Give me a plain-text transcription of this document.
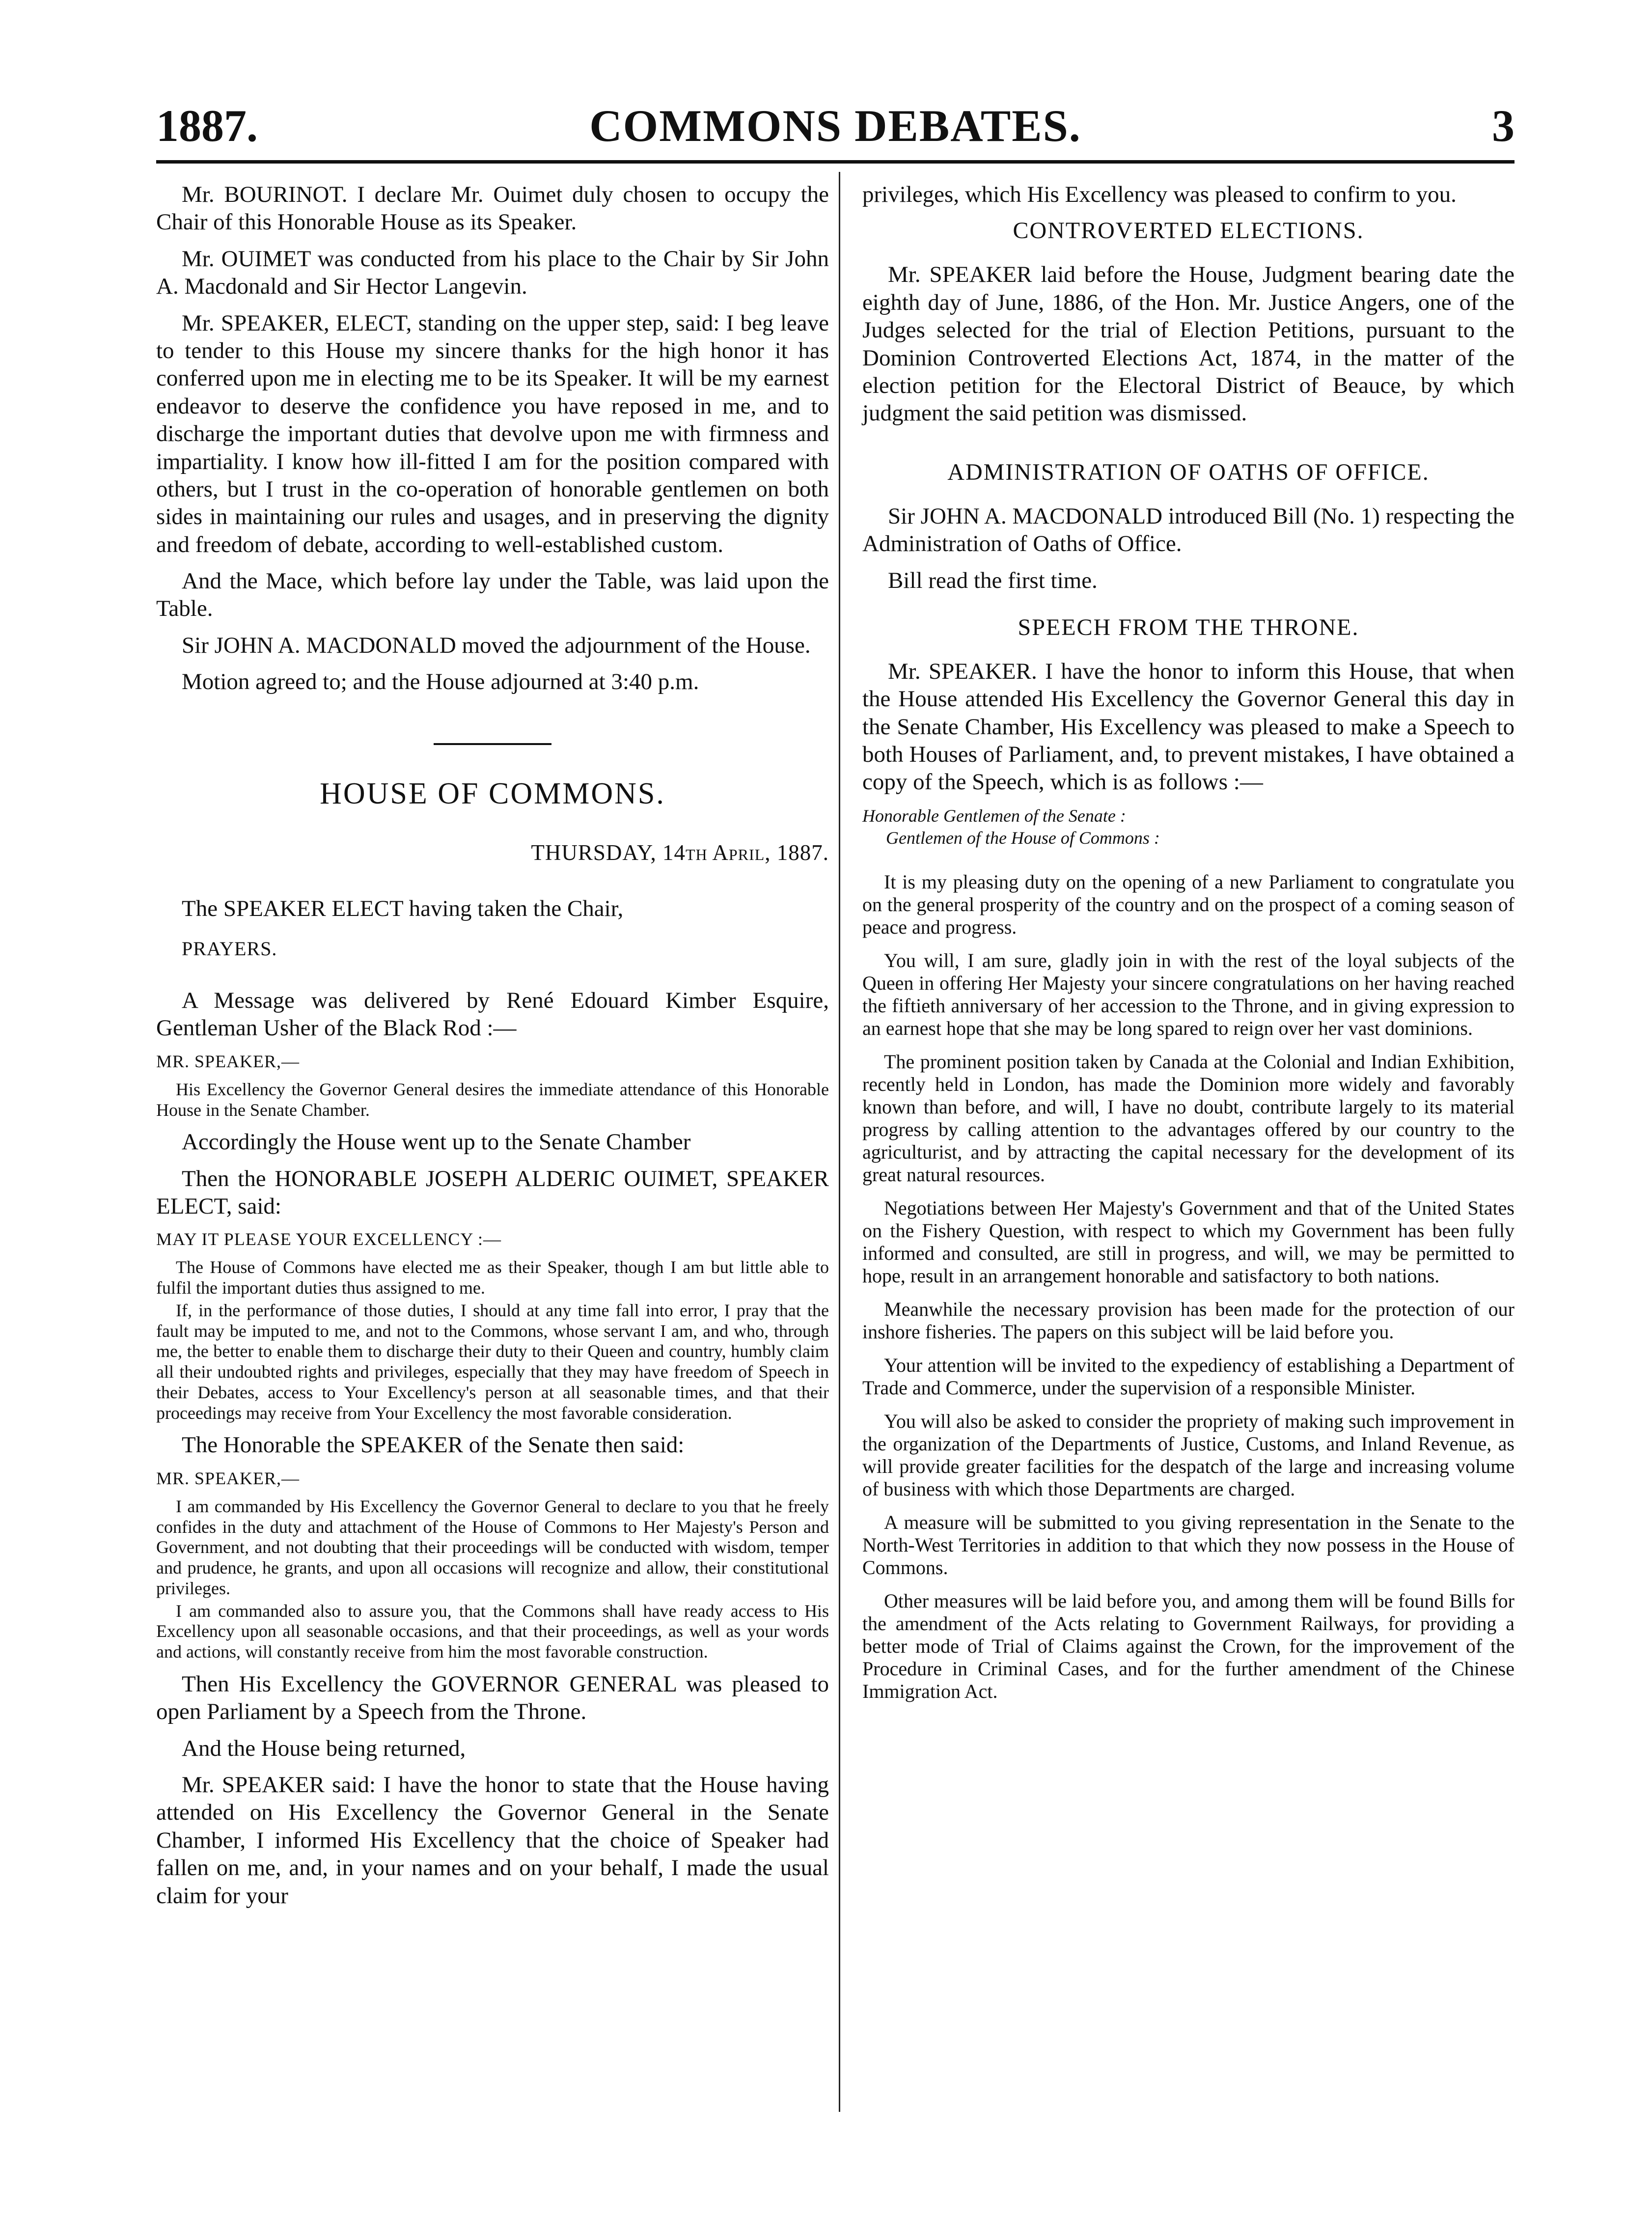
1887.	COMMONS DEBATES.	3

Mr. BOURINOT. I declare Mr. Ouimet duly chosen to occupy the Chair of this Honorable House as its Speaker.

Mr. OUIMET was conducted from his place to the Chair by Sir John A. Macdonald and Sir Hector Langevin.

Mr. SPEAKER, ELECT, standing on the upper step, said: I beg leave to tender to this House my sincere thanks for the high honor it has conferred upon me in electing me to be its Speaker. It will be my earnest endeavor to deserve the confidence you have reposed in me, and to discharge the important duties that devolve upon me with firmness and impartiality. I know how ill-fitted I am for the position compared with others, but I trust in the co-operation of honorable gentlemen on both sides in maintaining our rules and usages, and in preserving the dignity and freedom of debate, according to well-established custom.

And the Mace, which before lay under the Table, was laid upon the Table.

Sir JOHN A. MACDONALD moved the adjournment of the House.

Motion agreed to; and the House adjourned at 3:40 p.m.

HOUSE OF COMMONS.
THURSDAY, 14th April, 1887.

The SPEAKER ELECT having taken the Chair,

PRAYERS.

A Message was delivered by René Edouard Kimber Esquire, Gentleman Usher of the Black Rod :—

MR. SPEAKER,—

His Excellency the Governor General desires the immediate attendance of this Honorable House in the Senate Chamber.

Accordingly the House went up to the Senate Chamber

Then the HONORABLE JOSEPH ALDERIC OUIMET, SPEAKER ELECT, said:

MAY IT PLEASE YOUR EXCELLENCY :—

The House of Commons have elected me as their Speaker, though I am but little able to fulfil the important duties thus assigned to me.

If, in the performance of those duties, I should at any time fall into error, I pray that the fault may be imputed to me, and not to the Commons, whose servant I am, and who, through me, the better to enable them to discharge their duty to their Queen and country, humbly claim all their undoubted rights and privileges, especially that they may have freedom of Speech in their Debates, access to Your Excellency's person at all seasonable times, and that their proceedings may receive from Your Excellency the most favorable consideration.

The Honorable the SPEAKER of the Senate then said:

MR. SPEAKER,—

I am commanded by His Excellency the Governor General to declare to you that he freely confides in the duty and attachment of the House of Commons to Her Majesty's Person and Government, and not doubting that their proceedings will be conducted with wisdom, temper and prudence, he grants, and upon all occasions will recognize and allow, their constitutional privileges.

I am commanded also to assure you, that the Commons shall have ready access to His Excellency upon all seasonable occasions, and that their proceedings, as well as your words and actions, will constantly receive from him the most favorable construction.

Then His Excellency the GOVERNOR GENERAL was pleased to open Parliament by a Speech from the Throne.

And the House being returned,

Mr. SPEAKER said: I have the honor to state that the House having attended on His Excellency the Governor General in the Senate Chamber, I informed His Excellency that the choice of Speaker had fallen on me, and, in your names and on your behalf, I made the usual claim for your

privileges, which His Excellency was pleased to confirm to you.

CONTROVERTED ELECTIONS.

Mr. SPEAKER laid before the House, Judgment bearing date the eighth day of June, 1886, of the Hon. Mr. Justice Angers, one of the Judges selected for the trial of Election Petitions, pursuant to the Dominion Controverted Elections Act, 1874, in the matter of the election petition for the Electoral District of Beauce, by which judgment the said petition was dismissed.

ADMINISTRATION OF OATHS OF OFFICE.

Sir JOHN A. MACDONALD introduced Bill (No. 1) respecting the Administration of Oaths of Office.

Bill read the first time.

SPEECH FROM THE THRONE.

Mr. SPEAKER. I have the honor to inform this House, that when the House attended His Excellency the Governor General this day in the Senate Chamber, His Excellency was pleased to make a Speech to both Houses of Parliament, and, to prevent mistakes, I have obtained a copy of the Speech, which is as follows :—

Honorable Gentlemen of the Senate :
Gentlemen of the House of Commons :

It is my pleasing duty on the opening of a new Parliament to congratulate you on the general prosperity of the country and on the prospect of a coming season of peace and progress.

You will, I am sure, gladly join in with the rest of the loyal subjects of the Queen in offering Her Majesty your sincere congratulations on her having reached the fiftieth anniversary of her accession to the Throne, and in giving expression to an earnest hope that she may be long spared to reign over her vast dominions.

The prominent position taken by Canada at the Colonial and Indian Exhibition, recently held in London, has made the Dominion more widely and favorably known than before, and will, I have no doubt, contribute largely to its material progress by calling attention to the advantages offered by our country to the agriculturist, and by attracting the capital necessary for the development of its great natural resources.

Negotiations between Her Majesty's Government and that of the United States on the Fishery Question, with respect to which my Government has been fully informed and consulted, are still in progress, and will, we may be permitted to hope, result in an arrangement honorable and satisfactory to both nations.

Meanwhile the necessary provision has been made for the protection of our inshore fisheries. The papers on this subject will be laid before you.

Your attention will be invited to the expediency of establishing a Department of Trade and Commerce, under the supervision of a responsible Minister.

You will also be asked to consider the propriety of making such improvement in the organization of the Departments of Justice, Customs, and Inland Revenue, as will provide greater facilities for the despatch of the large and increasing volume of business with which those Departments are charged.

A measure will be submitted to you giving representation in the Senate to the North-West Territories in addition to that which they now possess in the House of Commons.

Other measures will be laid before you, and among them will be found Bills for the amendment of the Acts relating to Government Railways, for providing a better mode of Trial of Claims against the Crown, for the improvement of the Procedure in Criminal Cases, and for the further amendment of the Chinese Immigration Act.
